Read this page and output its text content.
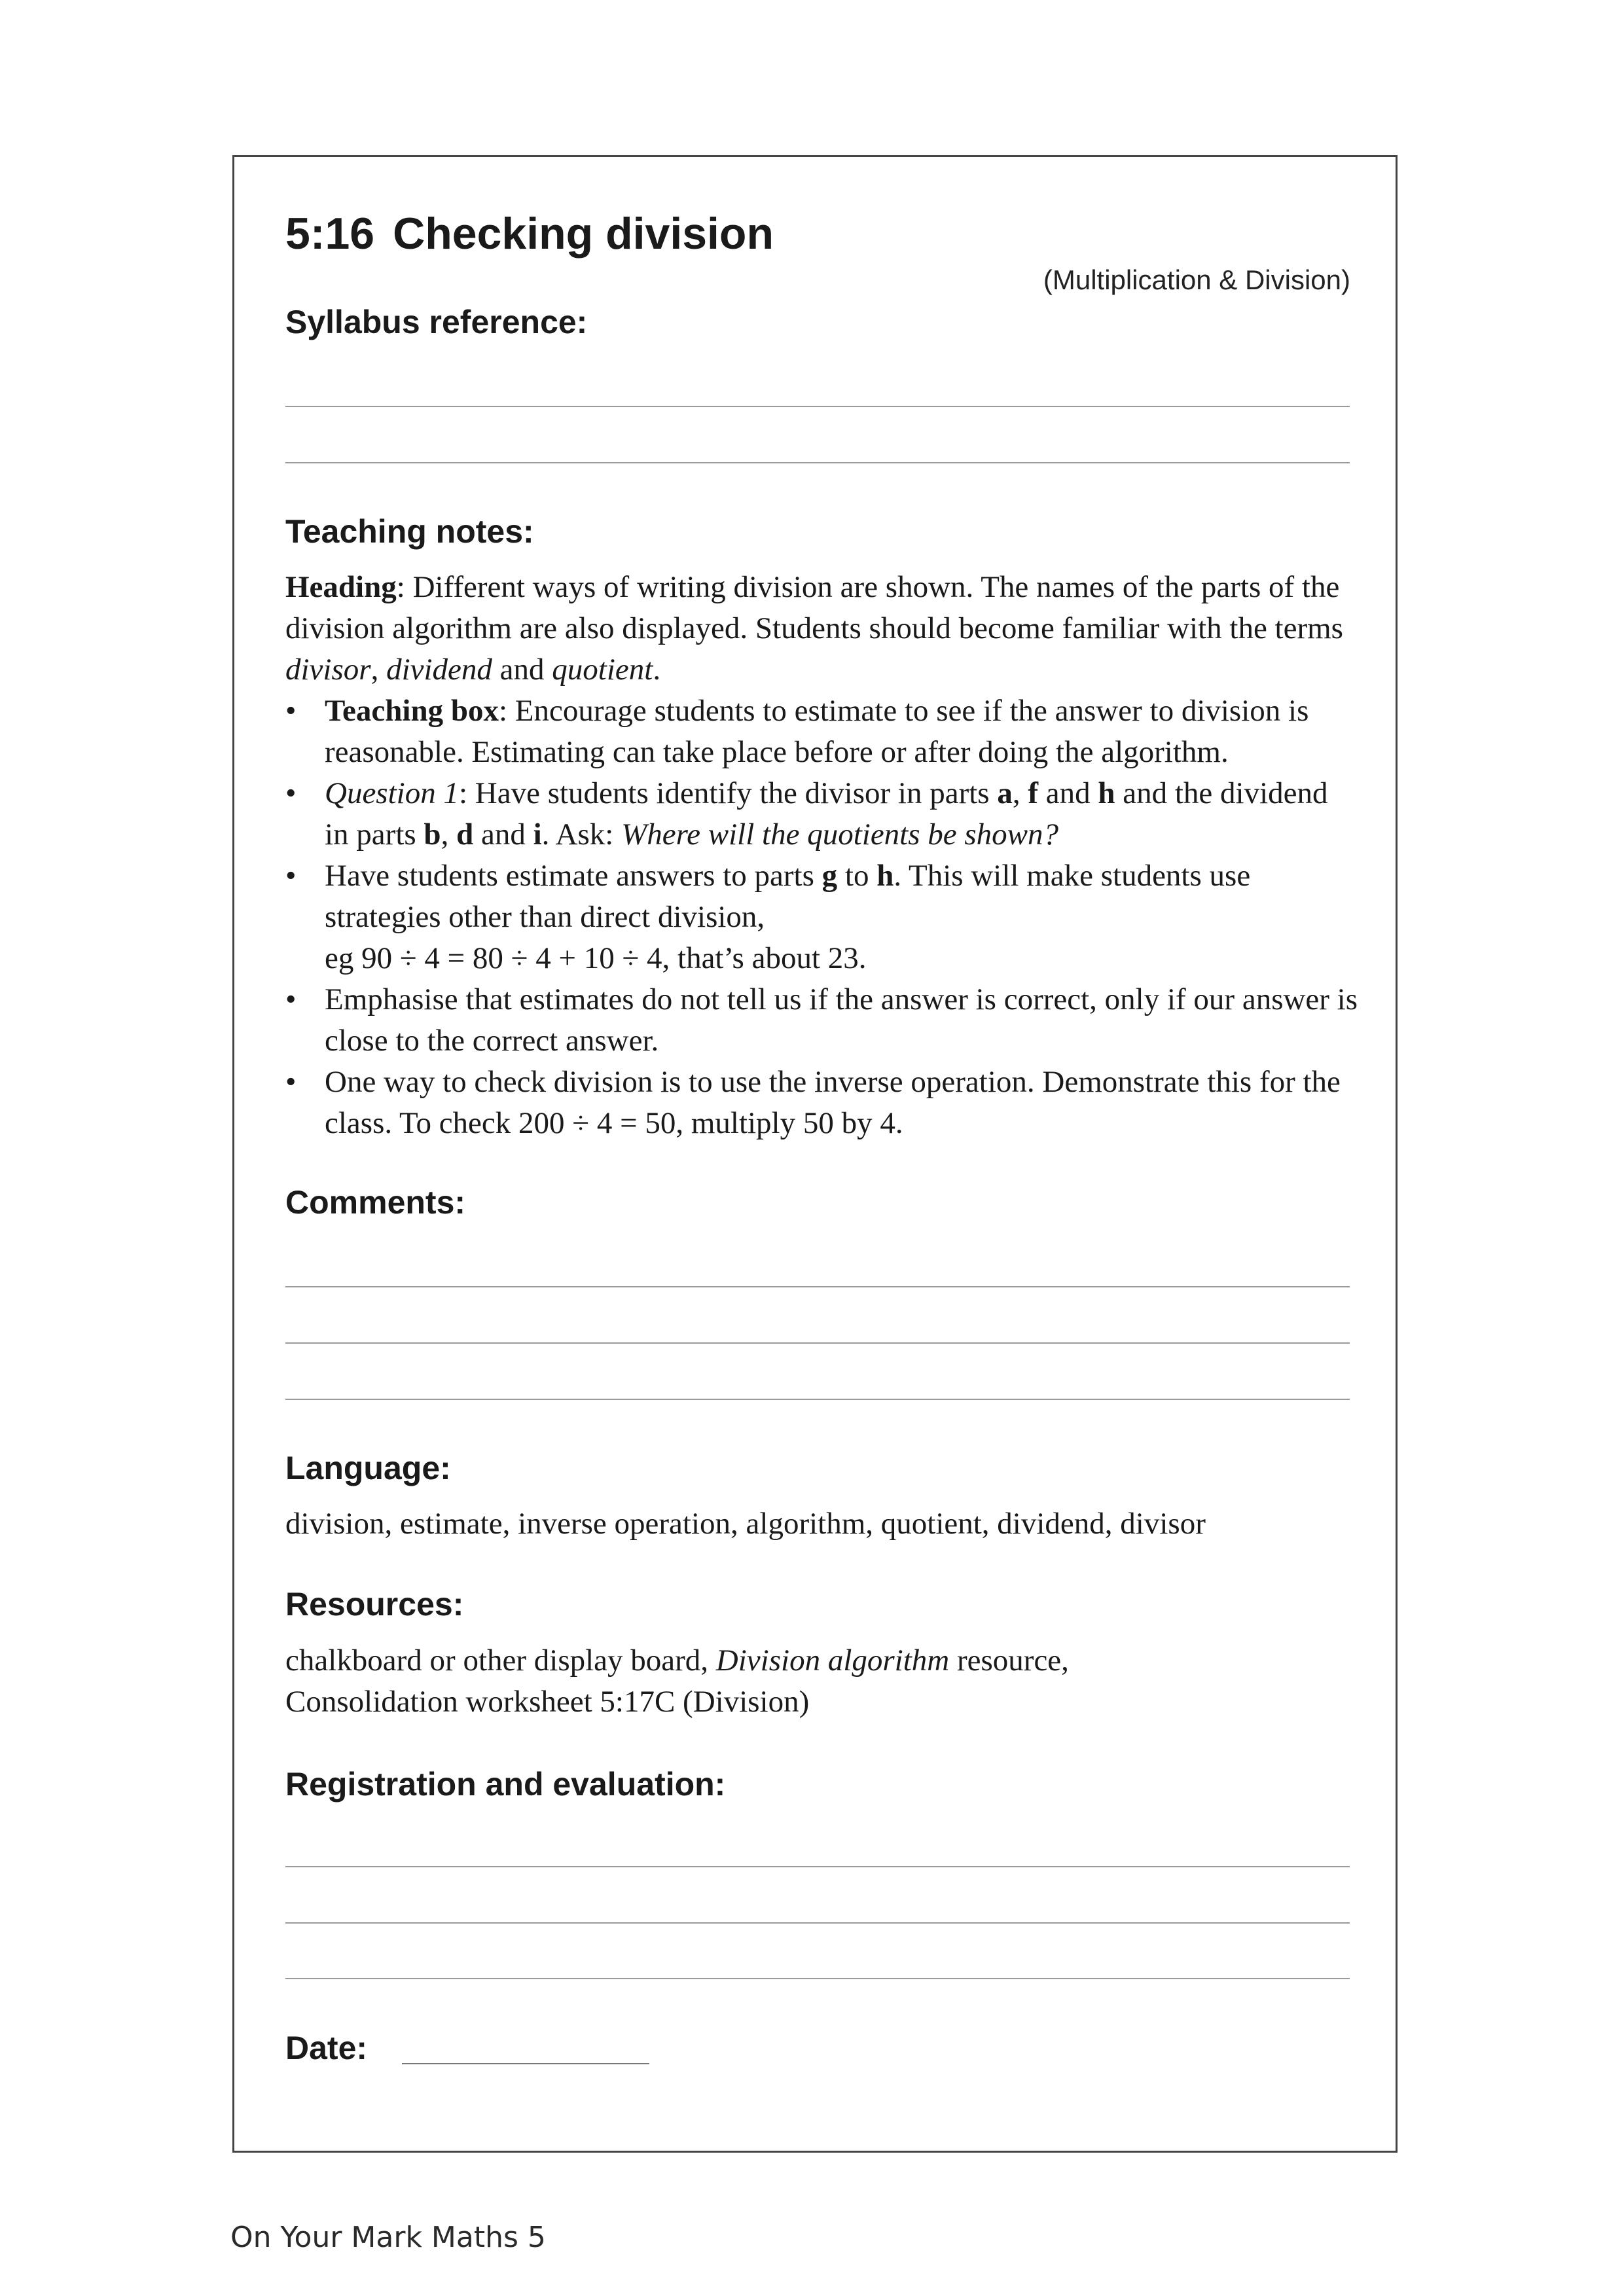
5:16 Checking division
(Multiplication & Division)
Syllabus reference:
Teaching notes:

Heading: Different ways of writing division are shown. The names of the parts of the division algorithm are also displayed. Students should become familiar with the terms divisor, dividend and quotient.

• Teaching box: Encourage students to estimate to see if the answer to division is reasonable. Estimating can take place before or after doing the algorithm.
• Question 1: Have students identify the divisor in parts a, f and h and the dividend in parts b, d and i. Ask: Where will the quotients be shown?
• Have students estimate answers to parts g to h. This will make students use strategies other than direct division,
eg 90 ÷ 4 = 80 ÷ 4 + 10 ÷ 4, that’s about 23.
• Emphasise that estimates do not tell us if the answer is correct, only if our answer is close to the correct answer.
• One way to check division is to use the inverse operation. Demonstrate this for the class. To check 200 ÷ 4 = 50, multiply 50 by 4.
Comments:
Language:
division, estimate, inverse operation, algorithm, quotient, dividend, divisor
Resources:
chalkboard or other display board, Division algorithm resource,
Consolidation worksheet 5:17C (Division)
Registration and evaluation:
Date:
On Your Mark Maths 5
